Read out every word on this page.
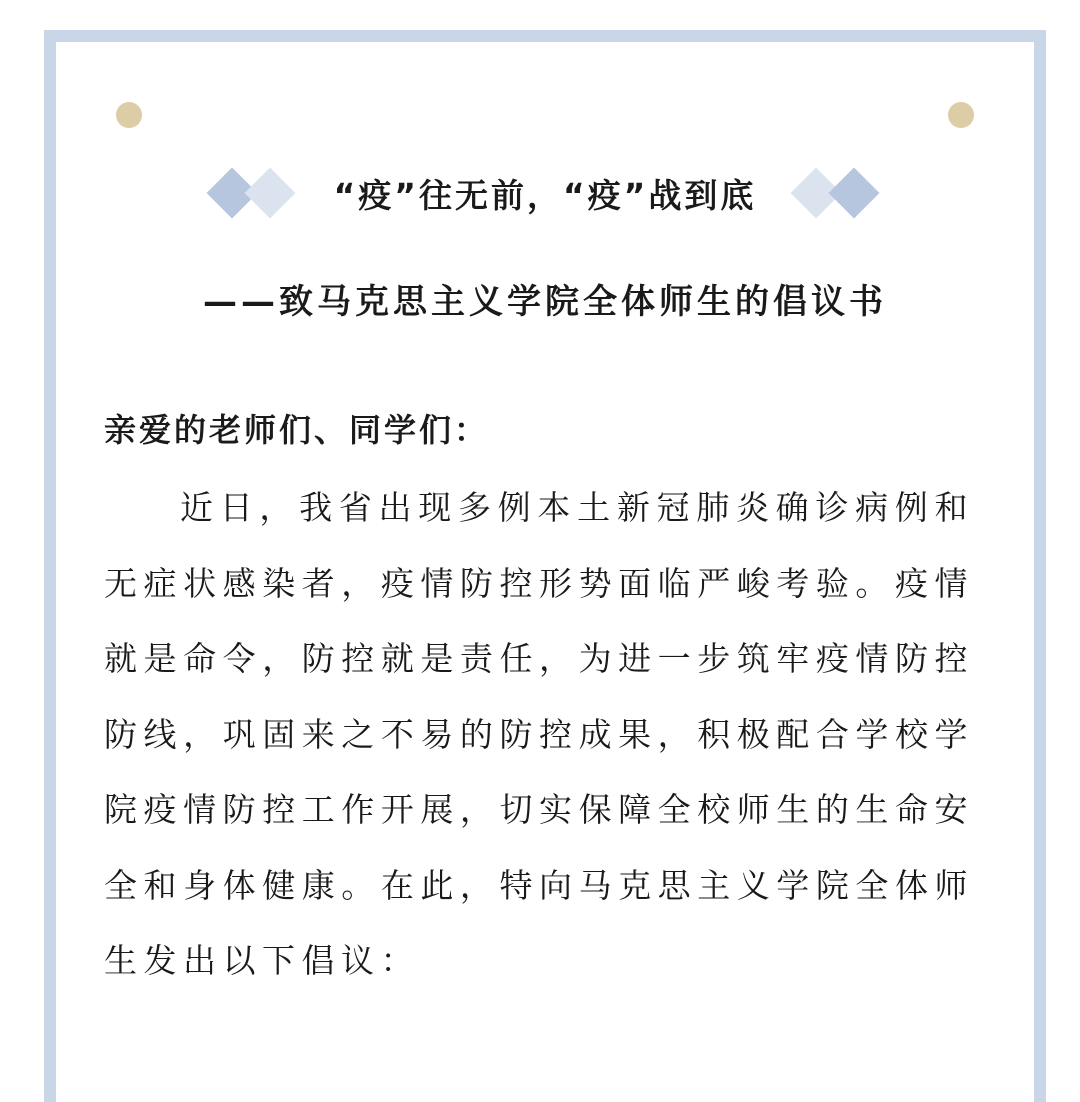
“疫”往无前，“疫”战到底
——致马克思主义学院全体师生的倡议书
亲爱的老师们、同学们：
近日，我省出现多例本土新冠肺炎确诊病例和无症状感染者，疫情防控形势面临严峻考验。疫情就是命令，防控就是责任，为进一步筑牢疫情防控防线，巩固来之不易的防控成果，积极配合学校学院疫情防控工作开展，切实保障全校师生的生命安全和身体健康。在此，特向马克思主义学院全体师生发出以下倡议：
